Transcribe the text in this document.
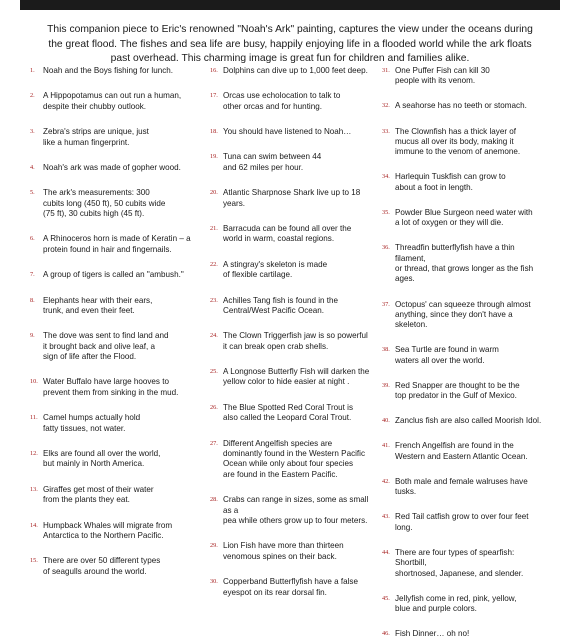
This companion piece to Eric's renowned "Noah's Ark" painting, captures the view under the oceans during the great flood. The fishes and sea life are busy, happily enjoying life in a flooded world while the ark floats past overhead. This charming image is great fun for children and families alike.

1.	Noah and the Boys fishing for lunch.
2.	A Hippopotamus can out run a human,
despite their chubby outlook.
3.	Zebra's strips are unique, just
like a human fingerprint.
4.	Noah's ark was made of gopher wood.
5.	The ark's measurements: 300
cubits long (450 ft), 50 cubits wide
(75 ft), 30 cubits high (45 ft).
6.	A Rhinoceros horn is made of Keratin – a
protein found in hair and fingernails.
7.	A group of tigers is called an "ambush."
8.	Elephants hear with their ears,
trunk, and even their feet.
9.	The dove was sent to find land and
it brought back and olive leaf, a
sign of life after the Flood.
10. Water Buffalo have large hooves to
prevent them from sinking in the mud.
11. Camel humps actually hold
fatty tissues, not water.
12. Elks are found all over the world,
but mainly in North America.
13. Giraffes get most of their water
from the plants they eat.
14. Humpback Whales will migrate from
Antarctica to the Northern Pacific.
15. There are over 50 different types
of seagulls around the world.
16. Dolphins can dive up to 1,000 feet deep.
17. Orcas use echolocation to talk to
other orcas and for hunting.
18. You should have listened to Noah…
19. Tuna can swim between 44
and 62 miles per hour.
20. Atlantic Sharpnose Shark live up to 18 years.
21. Barracuda can be found all over the
world in warm, coastal regions.
22. A stingray's skeleton is made
of flexible cartilage.
23. Achilles Tang fish is found in the
Central/West Pacific Ocean.
24. The Clown Triggerfish jaw is so powerful
it can break open crab shells.
25. A Longnose Butterfly Fish will darken the
yellow color to hide easier at night .
26. The Blue Spotted Red Coral Trout is
also called the Leopard Coral Trout.
27. Different Angelfish species are
dominantly found in the Western Pacific
Ocean while only about four species
are found in the Eastern Pacific.
28. Crabs can range in sizes, some as small as a
pea while others grow up to four meters.
29. Lion Fish have more than thirteen
venomous spines on their back.
30. Copperband Butterflyfish have a false
eyespot on its rear dorsal fin.
31. One Puffer Fish can kill 30
people with its venom.
32. A seahorse has no teeth or stomach.
33. The Clownfish has a thick layer of
mucus all over its body, making it
immune to the venom of anemone.
34. Harlequin Tuskfish can grow to
about a foot in length.
35. Powder Blue Surgeon need water with
a lot of oxygen or they will die.
36. Threadfin butterflyfish have a thin filament,
or thread, that grows longer as the fish ages.
37. Octopus' can squeeze through almost
anything, since they don't have a skeleton.
38. Sea Turtle are found in warm
waters all over the world.
39. Red Snapper are thought to be the
top predator in the Gulf of Mexico.
40. Zanclus fish are also called Moorish Idol.
41. French Angelfish are found in the
Western and Eastern Atlantic Ocean.
42. Both male and female walruses have tusks.
43. Red Tail catfish grow to over four feet long.
44. There are four types of spearfish: Shortbill,
shortnosed, Japanese, and slender.
45. Jellyfish come in red, pink, yellow,
blue and purple colors.
46. Fish Dinner… oh no!
